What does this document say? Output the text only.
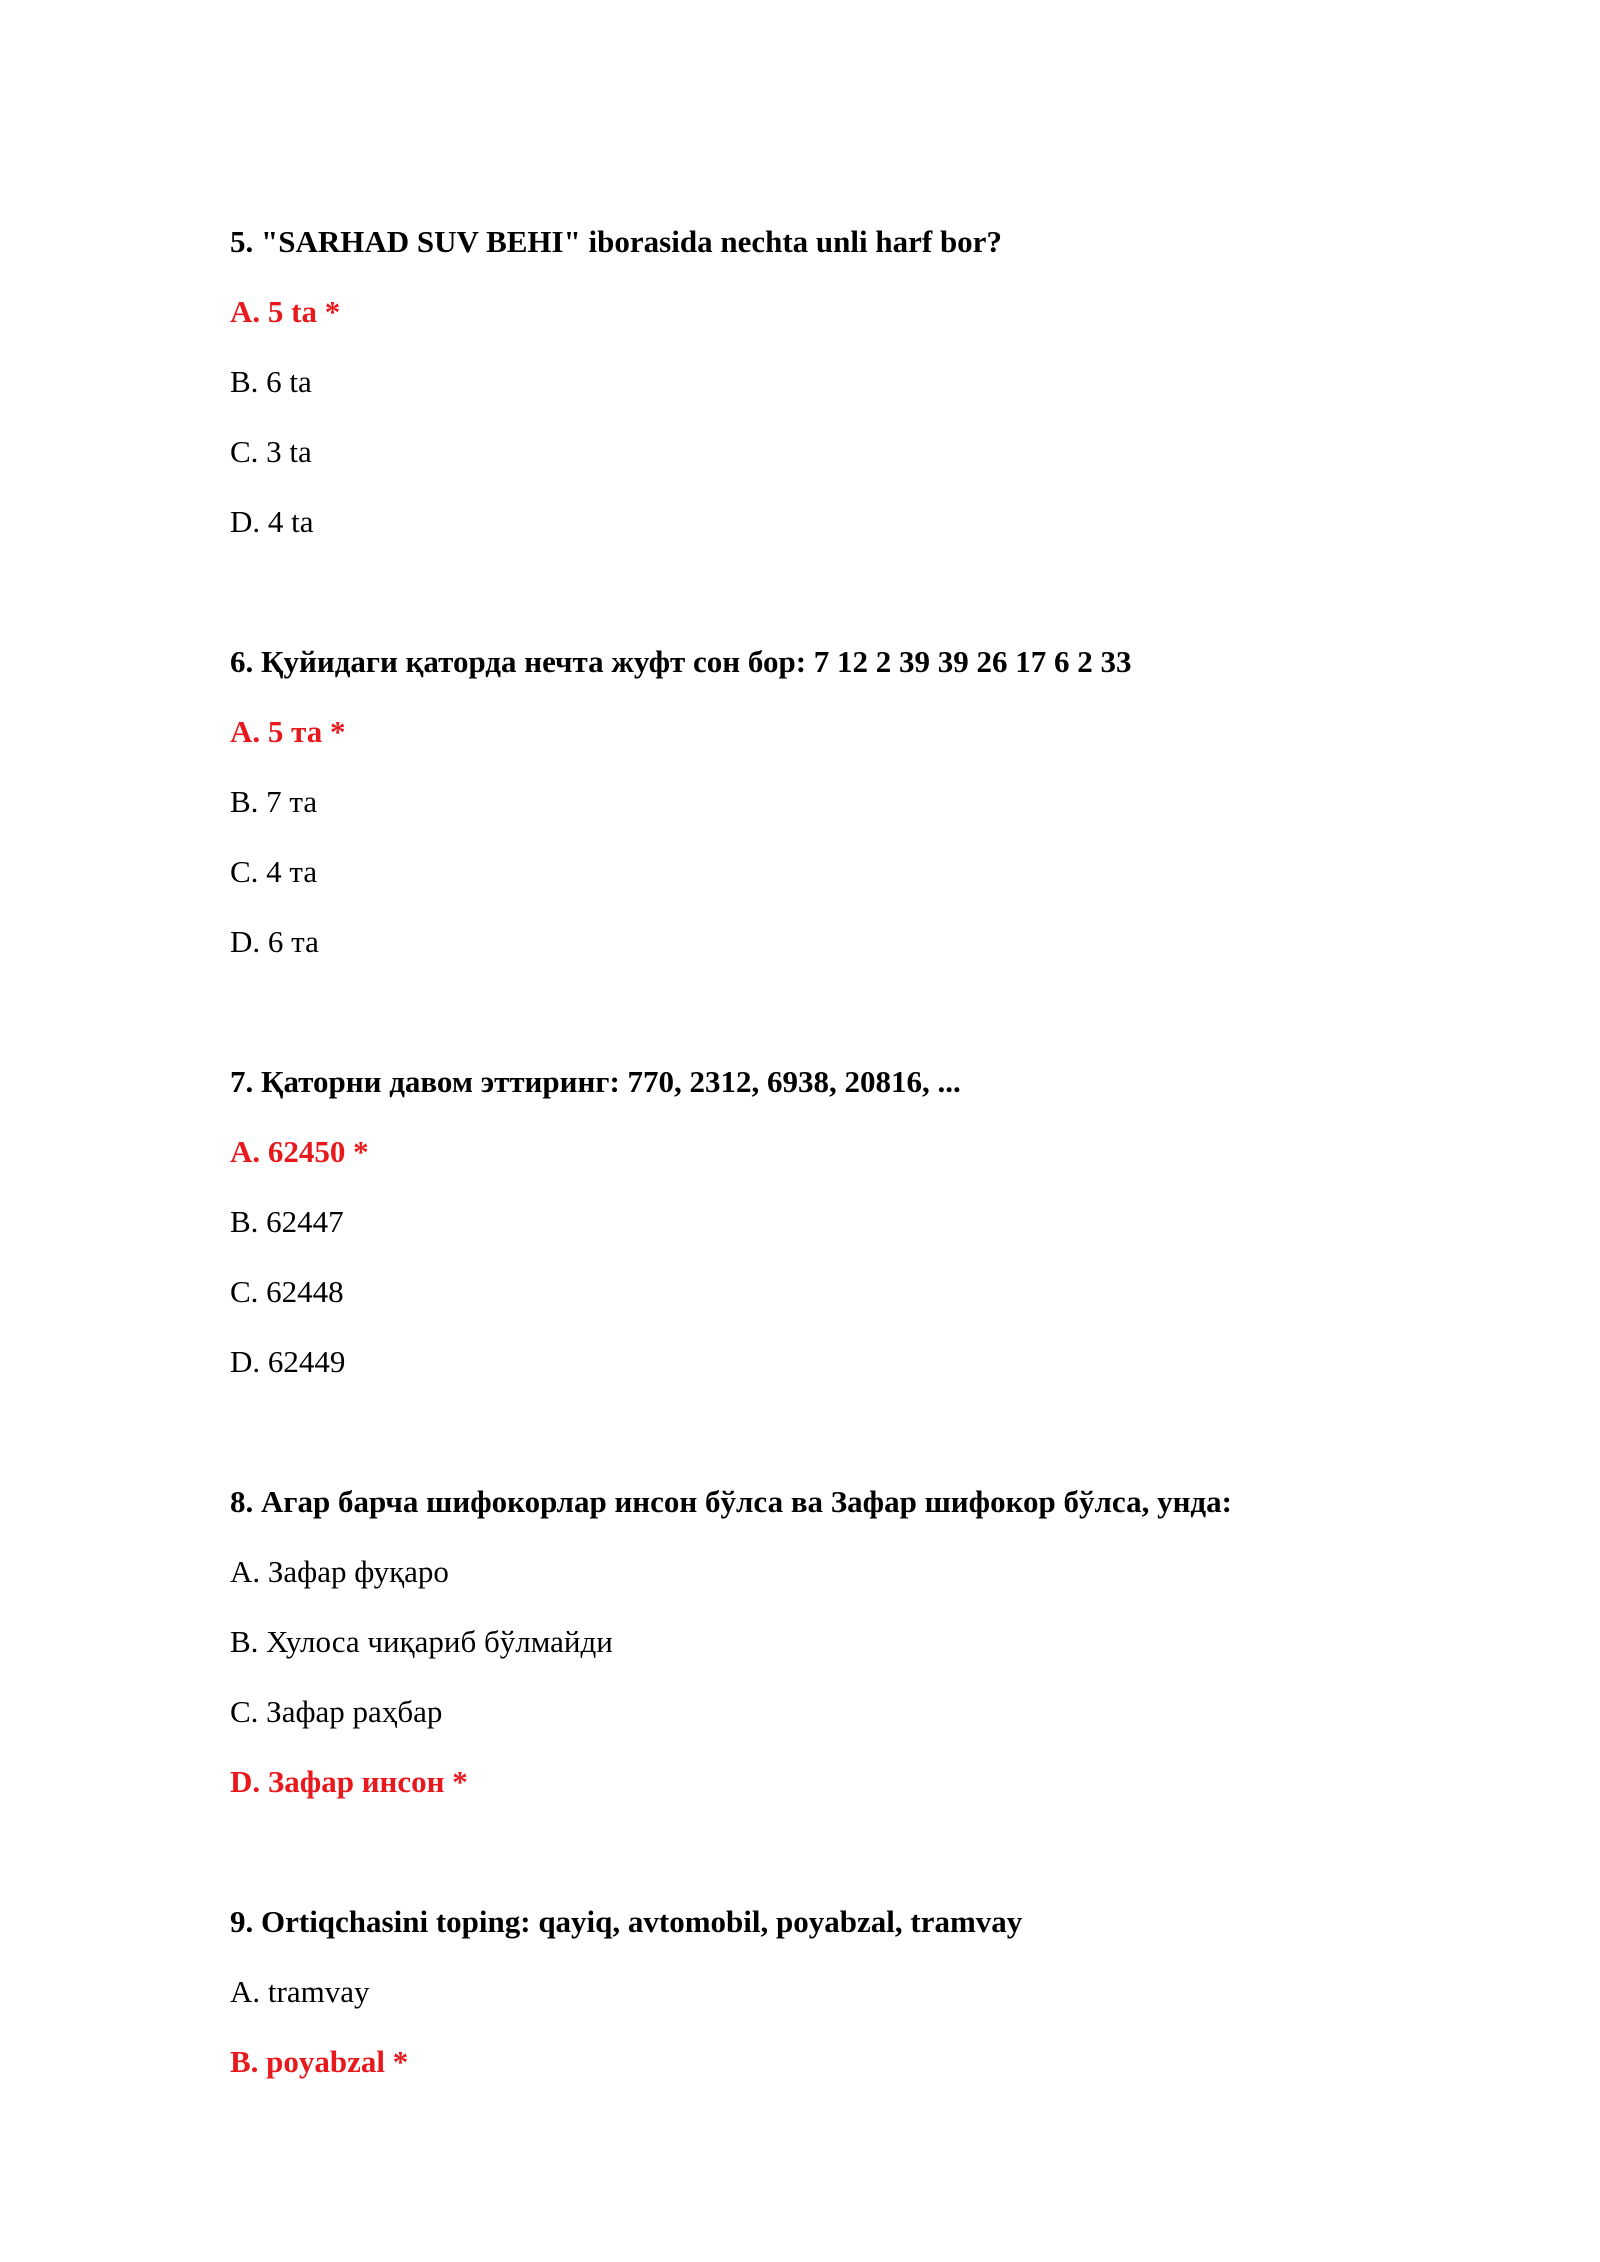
5. "SARHAD SUV BEHI" iborasida nechta unli harf bor?

A. 5 ta *
B. 6 ta
C. 3 ta
D. 4 ta

6. Қуйидаги қаторда нечта жуфт сон бор: 7 12 2 39 39 26 17 6 2 33

A. 5 та *
B. 7 та
C. 4 та
D. 6 та

7. Қаторни давом эттиринг: 770, 2312, 6938, 20816, ...

A. 62450 *
B. 62447
C. 62448
D. 62449

8. Агар барча шифокорлар инсон бўлса ва Зафар шифокор бўлса, унда:

A. Зафар фуқаро
B. Хулоса чиқариб бўлмайди
C. Зафар раҳбар
D. Зафар инсон *

9. Ortiqchasini toping: qayiq, avtomobil, poyabzal, tramvay

A. tramvay
B. poyabzal *
